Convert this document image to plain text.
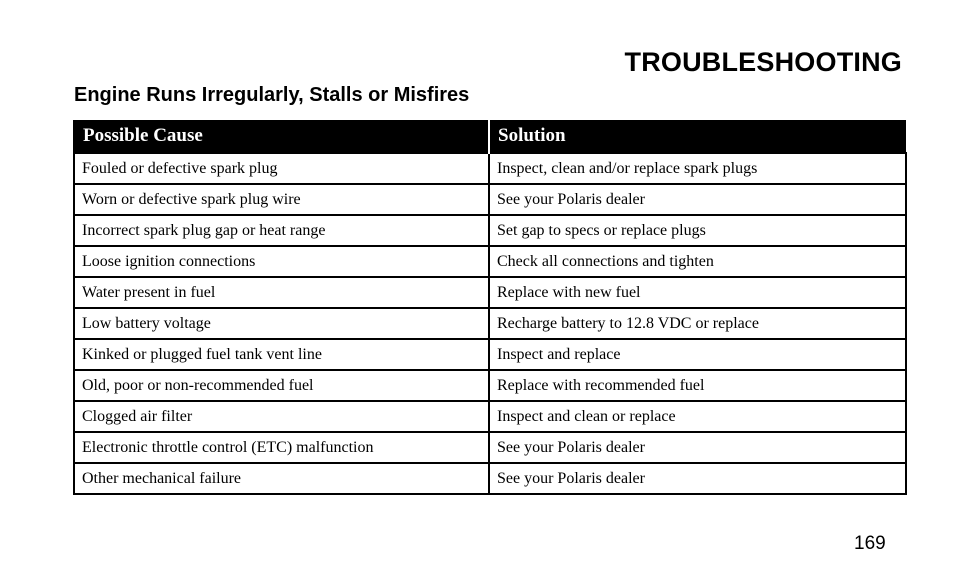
TROUBLESHOOTING
Engine Runs Irregularly, Stalls or Misfires
Possible Cause	Solution
Fouled or defective spark plug	Inspect, clean and/or replace spark plugs
Worn or defective spark plug wire	See your Polaris dealer
Incorrect spark plug gap or heat range	Set gap to specs or replace plugs
Loose ignition connections	Check all connections and tighten
Water present in fuel	Replace with new fuel
Low battery voltage	Recharge battery to 12.8 VDC or replace
Kinked or plugged fuel tank vent line	Inspect and replace
Old, poor or non-recommended fuel	Replace with recommended fuel
Clogged air filter	Inspect and clean or replace
Electronic throttle control (ETC) malfunction	See your Polaris dealer
Other mechanical failure	See your Polaris dealer
169
